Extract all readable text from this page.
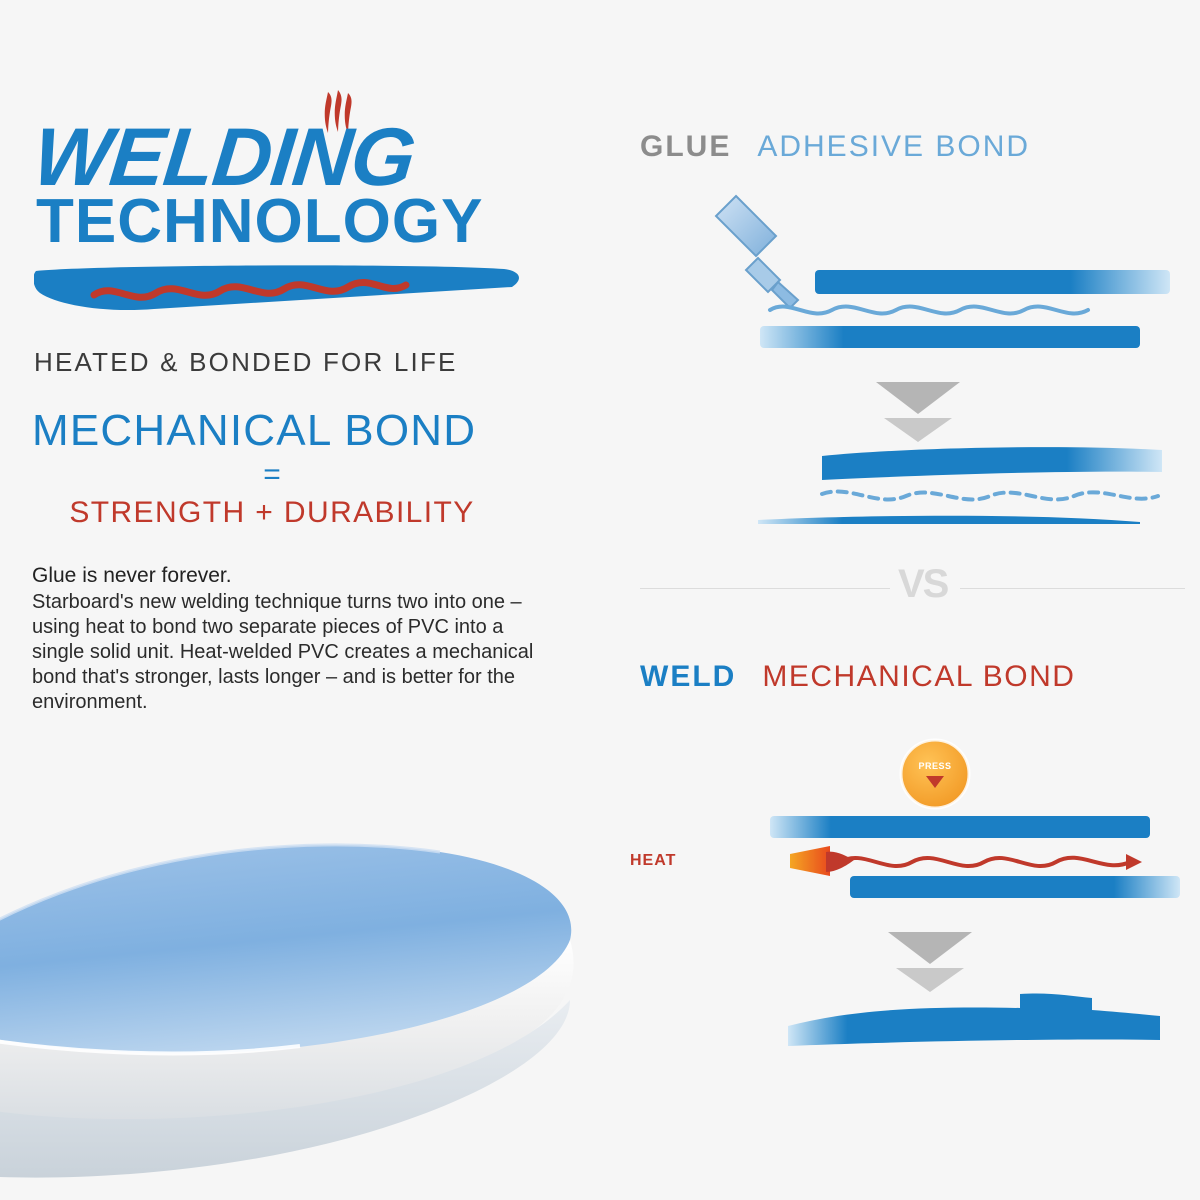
WELDING
TECHNOLOGY
HEATED & BONDED FOR LIFE
MECHANICAL BOND
=
STRENGTH + DURABILITY
Glue is never forever.
Starboard's new welding technique turns two into one – using heat to bond two separate pieces of PVC into a single solid unit. Heat-welded PVC creates a mechanical bond that's stronger, lasts longer – and is better for the environment.
GLUE ADHESIVE BOND
VS
WELD MECHANICAL BOND
PRESS
HEAT
